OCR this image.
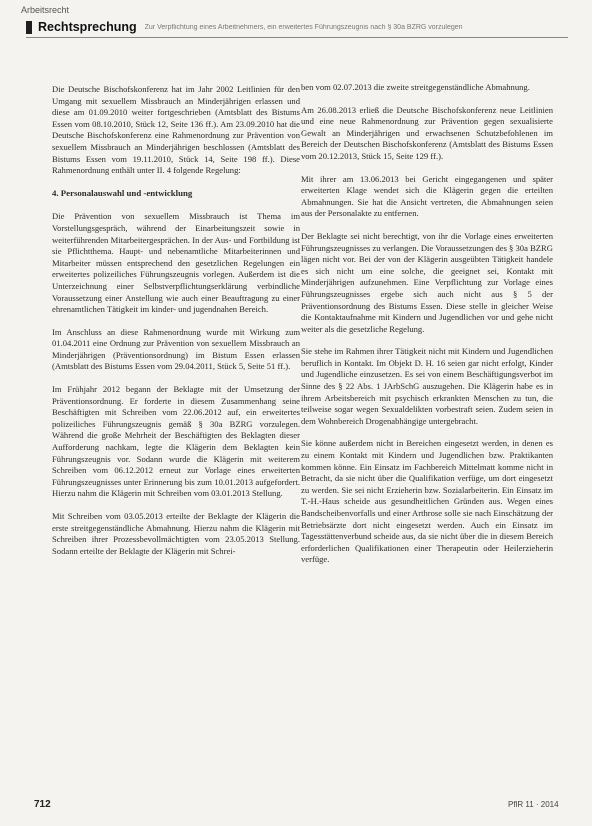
Arbeitsrecht
Rechtsprechung Zur Verpflichtung eines Arbeitnehmers, ein erweitertes Führungszeugnis nach § 30a BZRG vorzulegen

Die Deutsche Bischofskonferenz hat im Jahr 2002 Leitlinien für den Umgang mit sexuellem Missbrauch an Minderjährigen erlassen und diese am 01.09.2010 weiter fortgeschrieben (Amtsblatt des Bistums Essen vom 08.10.2010, Stück 12, Seite 136 ff.). Am 23.09.2010 hat die Deutsche Bischofskonferenz eine Rahmenordnung zur Prävention von sexuellem Missbrauch an Minderjährigen beschlossen (Amtsblatt des Bistums Essen vom 19.11.2010, Stück 14, Seite 198 ff.). Diese Rahmenordnung enthält unter II. 4 folgende Regelung:

4. Personalauswahl und -entwicklung

Die Prävention von sexuellem Missbrauch ist Thema im Vorstellungsgespräch, während der Einarbeitungszeit sowie in weiterführenden Mitarbeitergesprächen. In der Aus- und Fortbildung ist sie Pflichtthema. Haupt- und nebenamtliche Mitarbeiterinnen und Mitarbeiter müssen entsprechend den gesetzlichen Regelungen ein erweitertes polizeiliches Führungszeugnis vorlegen. Außerdem ist die Unterzeichnung einer Selbstverpflichtungserklärung verbindliche Voraussetzung einer Anstellung wie auch einer Beauftragung zu einer ehrenamtlichen Tätigkeit im kinder- und jugendnahen Bereich.

Im Anschluss an diese Rahmenordnung wurde mit Wirkung zum 01.04.2011 eine Ordnung zur Prävention von sexuellem Missbrauch an Minderjährigen (Präventionsordnung) im Bistum Essen erlassen (Amtsblatt des Bistums Essen vom 29.04.2011, Stück 5, Seite 51 ff.).

Im Frühjahr 2012 begann der Beklagte mit der Umsetzung der Präventionsordnung. Er forderte in diesem Zusammenhang seine Beschäftigten mit Schreiben vom 22.06.2012 auf, ein erweitertes polizeiliches Führungszeugnis gemäß § 30a BZRG vorzulegen. Während die große Mehrheit der Beschäftigten des Beklagten dieser Aufforderung nachkam, legte die Klägerin dem Beklagten kein Führungszeugnis vor. Sodann wurde die Klägerin mit weiterem Schreiben vom 06.12.2012 erneut zur Vorlage eines erweiterten Führungszeugnisses unter Erinnerung bis zum 10.01.2013 aufgefordert. Hierzu nahm die Klägerin mit Schreiben vom 03.01.2013 Stellung.

Mit Schreiben vom 03.05.2013 erteilte der Beklagte der Klägerin die erste streitgegenständliche Abmahnung. Hierzu nahm die Klägerin mit Schreiben ihrer Prozessbevollmächtigten vom 23.05.2013 Stellung. Sodann erteilte der Beklagte der Klägerin mit Schrei-

ben vom 02.07.2013 die zweite streitgegenständliche Abmahnung.

Am 26.08.2013 erließ die Deutsche Bischofskonferenz neue Leitlinien und eine neue Rahmenordnung zur Prävention gegen sexualisierte Gewalt an Minderjährigen und erwachsenen Schutzbefohlenen im Bereich der Deutschen Bischofskonferenz (Amtsblatt des Bistums Essen vom 20.12.2013, Stück 15, Seite 129 ff.).

Mit ihrer am 13.06.2013 bei Gericht eingegangenen und später erweiterten Klage wendet sich die Klägerin gegen die erteilten Abmahnungen. Sie hat die Ansicht vertreten, die Abmahnungen seien aus der Personalakte zu entfernen.

Der Beklagte sei nicht berechtigt, von ihr die Vorlage eines erweiterten Führungszeugnisses zu verlangen. Die Voraussetzungen des § 30a BZRG lägen nicht vor. Bei der von der Klägerin ausgeübten Tätigkeit handele es sich nicht um eine solche, die geeignet sei, Kontakt mit Minderjährigen aufzunehmen. Eine Verpflichtung zur Vorlage eines Führungszeugnisses ergebe sich auch nicht aus § 5 der Präventionsordnung des Bistums Essen. Diese stelle in gleicher Weise die Kontaktaufnahme mit Kindern und Jugendlichen vor und gehe nicht weiter als die gesetzliche Regelung.

Sie stehe im Rahmen ihrer Tätigkeit nicht mit Kindern und Jugendlichen beruflich in Kontakt. Im Objekt D. H. 16 seien gar nicht erfolgt, Kinder und Jugendliche einzusetzen. Es sei von einem Beschäftigungsverbot im Sinne des § 22 Abs. 1 JArbSchG auszugehen. Die Klägerin habe es in ihrem Arbeitsbereich mit psychisch erkrankten Menschen zu tun, die teilweise sogar wegen Sexualdelikten vorbestraft seien. Zudem seien in dem Wohnbereich Drogenabhängige untergebracht.

Sie könne außerdem nicht in Bereichen eingesetzt werden, in denen es zu einem Kontakt mit Kindern und Jugendlichen bzw. Praktikanten kommen könne. Ein Einsatz im Fachbereich Mittelmatt komme nicht in Betracht, da sie nicht über die Qualifikation verfüge, um dort eingesetzt zu werden. Sie sei nicht Erzieherin bzw. Sozialarbeiterin. Ein Einsatz im T.-H.-Haus scheide aus gesundheitlichen Gründen aus. Wegen eines Bandscheibenvorfalls und einer Arthrose solle sie nach Einschätzung der Betriebsärzte dort nicht eingesetzt werden. Auch ein Einsatz im Tagesstättenverbund scheide aus, da sie nicht über die in diesem Bereich erforderlichen Qualifikationen einer Therapeutin oder Heilerzieherin verfüge.

712	PflR 11 · 2014
